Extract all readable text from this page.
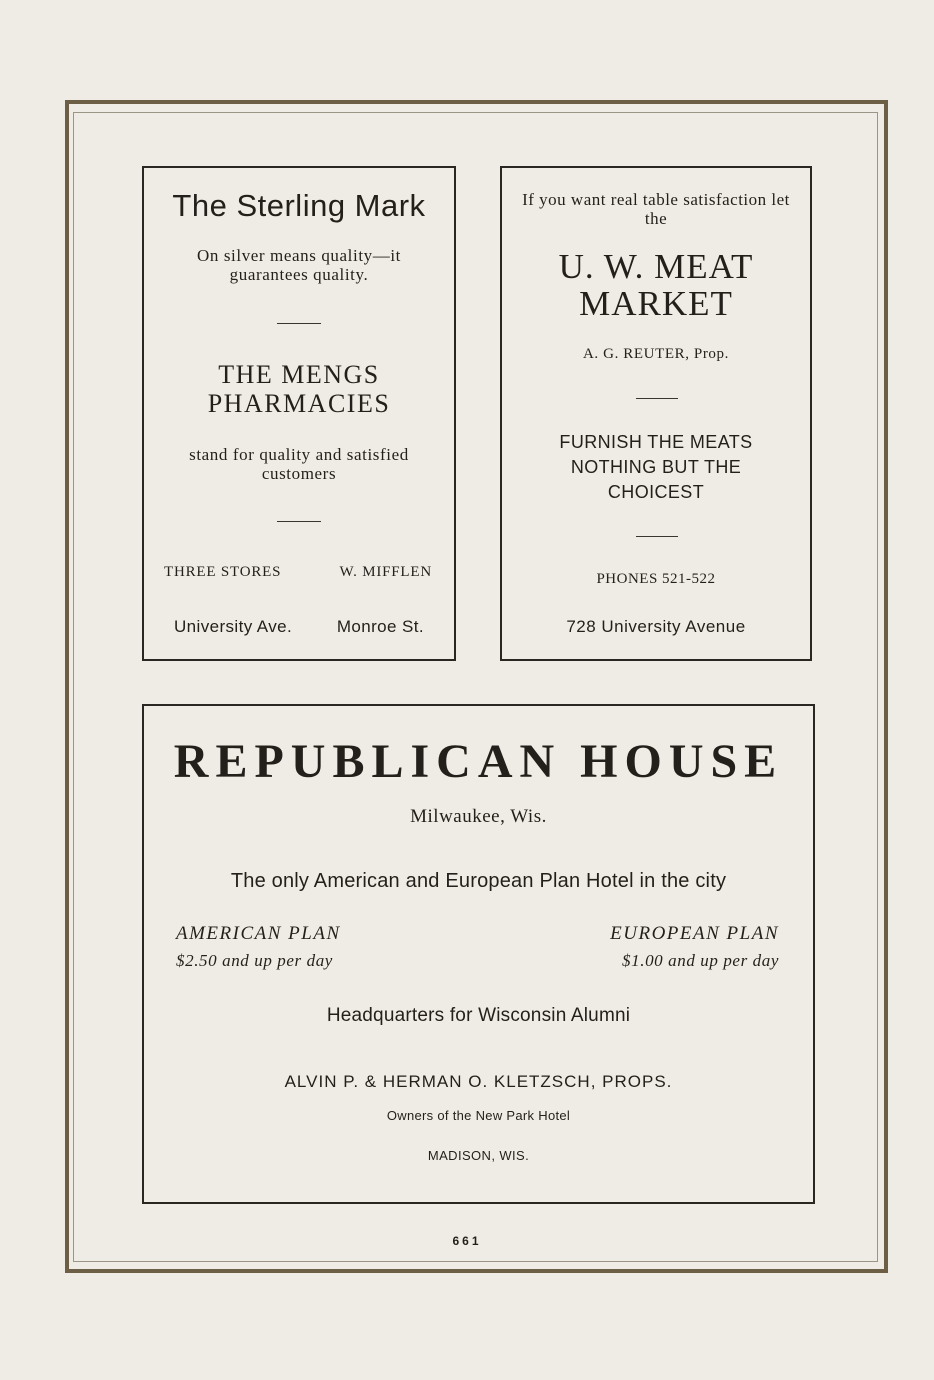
The Sterling Mark
On silver means quality—it guarantees quality.
THE MENGS PHARMACIES
stand for quality and satisfied customers
THREE STORES	W. MIFFLEN
University Ave.	Monroe St.
If you want real table satisfaction let the
U. W. MEAT
MARKET
A. G. REUTER, Prop.
FURNISH THE MEATS NOTHING BUT THE CHOICEST
PHONES 521-522
728 University Avenue
REPUBLICAN HOUSE
Milwaukee, Wis.
The only American and European Plan Hotel in the city
AMERICAN PLAN
$2.50 and up per day
EUROPEAN PLAN
$1.00 and up per day
Headquarters for Wisconsin Alumni
ALVIN P. & HERMAN O. KLETZSCH, PROPS.
Owners of the New Park Hotel
MADISON, WIS.
661
